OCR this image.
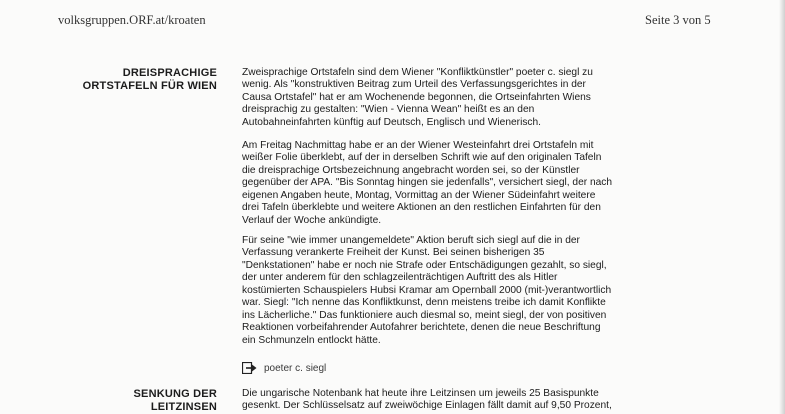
volksgruppen.ORF.at/kroaten	Seite 3 von 5
DREISPRACHIGE
ORTSTAFELN FÜR WIEN
Zweisprachige Ortstafeln sind dem Wiener "Konfliktkünstler" poeter c. siegl zu
wenig. Als "konstruktiven Beitrag zum Urteil des Verfassungsgerichtes in der
Causa Ortstafel" hat er am Wochenende begonnen, die Ortseinfahrten Wiens
dreisprachig zu gestalten: "Wien - Vienna Wean" heißt es an den
Autobahneinfahrten künftig auf Deutsch, Englisch und Wienerisch.
Am Freitag Nachmittag habe er an der Wiener Westeinfahrt drei Ortstafeln mit
weißer Folie überklebt, auf der in derselben Schrift wie auf den originalen Tafeln
die dreisprachige Ortsbezeichnung angebracht worden sei, so der Künstler
gegenüber der APA. "Bis Sonntag hingen sie jedenfalls", versichert siegl, der nach
eigenen Angaben heute, Montag, Vormittag an der Wiener Südeinfahrt weitere
drei Tafeln überklebte und weitere Aktionen an den restlichen Einfahrten für den
Verlauf der Woche ankündigte.
Für seine "wie immer unangemeldete" Aktion beruft sich siegl auf die in der
Verfassung verankerte Freiheit der Kunst. Bei seinen bisherigen 35
"Denkstationen" habe er noch nie Strafe oder Entschädigungen gezahlt, so siegl,
der unter anderem für den schlagzeilenträchtigen Auftritt des als Hitler
kostümierten Schauspielers Hubsi Kramar am Opernball 2000 (mit-)verantwortlich
war. Siegl: "Ich nenne das Konfliktkunst, denn meistens treibe ich damit Konflikte
ins Lächerliche." Das funktioniere auch diesmal so, meint siegl, der von positiven
Reaktionen vorbeifahrender Autofahrer berichtete, denen die neue Beschriftung
ein Schmunzeln entlockt hätte.
poeter c. siegl
SENKUNG DER
LEITZINSEN
Die ungarische Notenbank hat heute ihre Leitzinsen um jeweils 25 Basispunkte
gesenkt. Der Schlüsselsatz auf zweiwöchige Einlagen fällt damit auf 9,50 Prozent,
